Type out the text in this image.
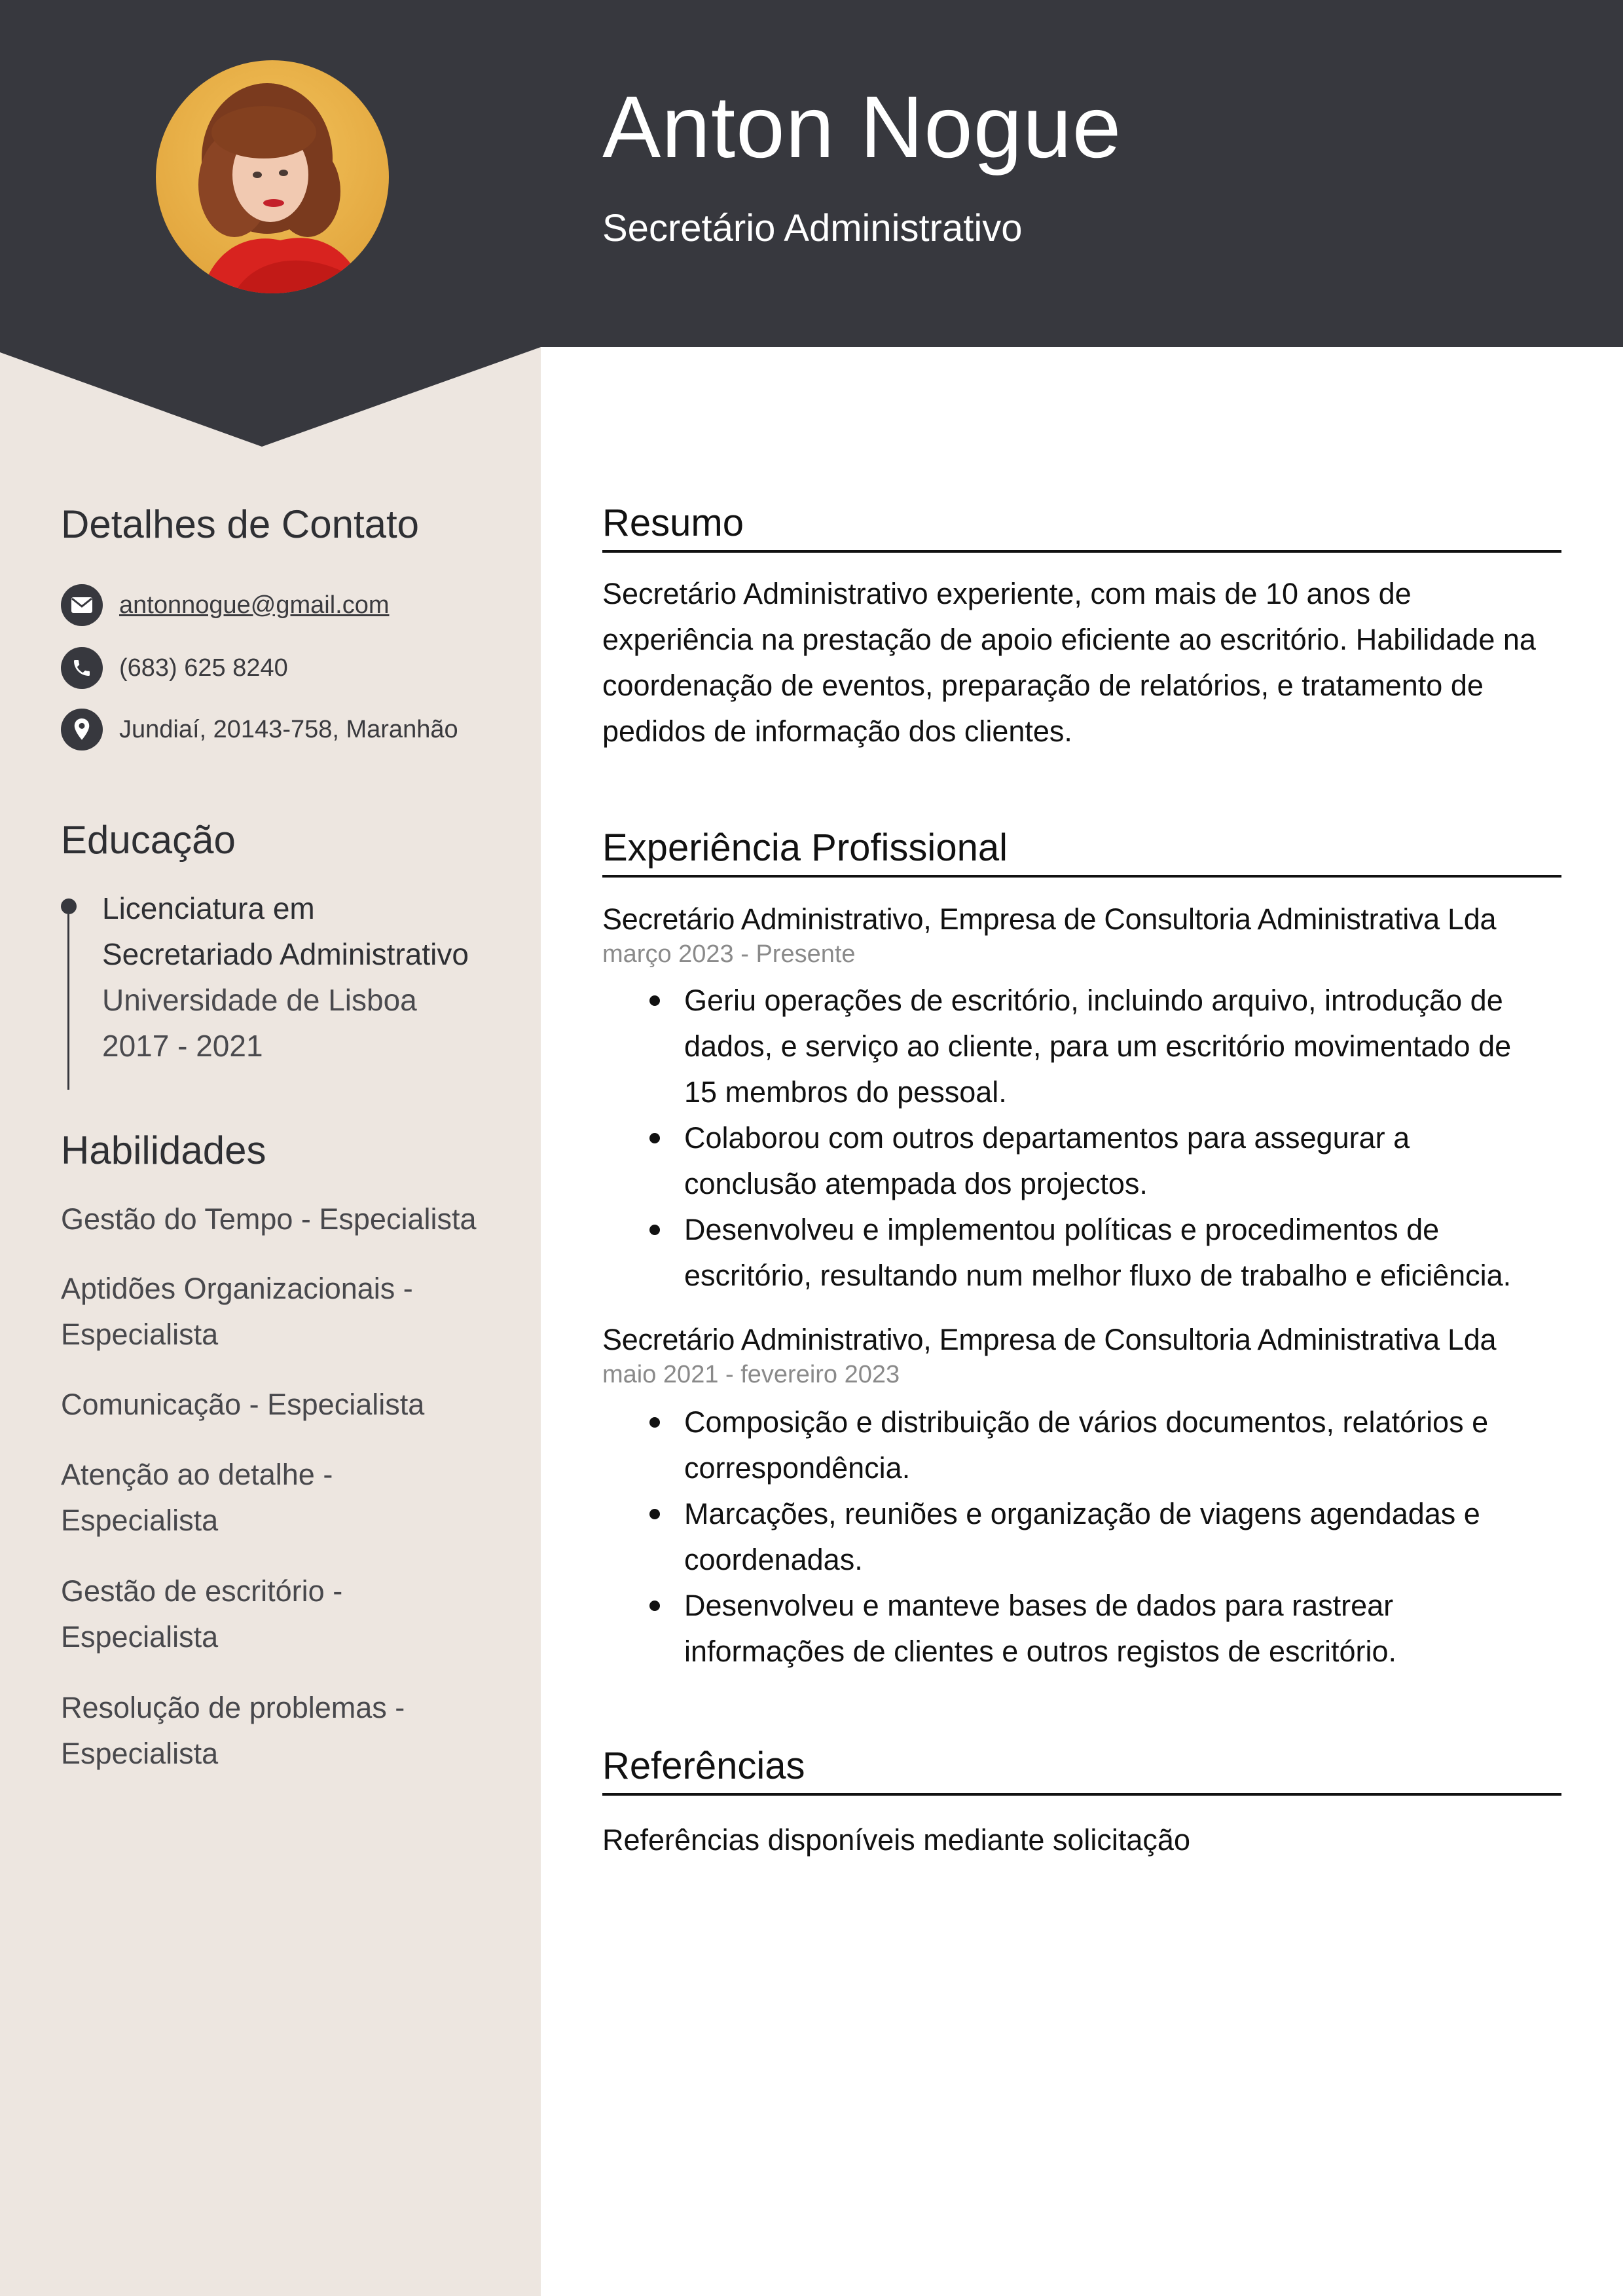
Anton Nogue
Secretário Administrativo
Detalhes de Contato
antonnogue@gmail.com
(683) 625 8240
Jundiaí, 20143-758, Maranhão
Educação
Licenciatura em
Secretariado Administrativo
Universidade de Lisboa
2017 - 2021
Habilidades
Gestão do Tempo - Especialista
Aptidões Organizacionais - Especialista
Comunicação - Especialista
Atenção ao detalhe - Especialista
Gestão de escritório - Especialista
Resolução de problemas - Especialista
Resumo
Secretário Administrativo experiente, com mais de 10 anos de experiência na prestação de apoio eficiente ao escritório. Habilidade na coordenação de eventos, preparação de relatórios, e tratamento de pedidos de informação dos clientes.
Experiência Profissional
Secretário Administrativo, Empresa de Consultoria Administrativa Lda
março 2023 - Presente
Geriu operações de escritório, incluindo arquivo, introdução de dados, e serviço ao cliente, para um escritório movimentado de 15 membros do pessoal.
Colaborou com outros departamentos para assegurar a conclusão atempada dos projectos.
Desenvolveu e implementou políticas e procedimentos de escritório, resultando num melhor fluxo de trabalho e eficiência.
Secretário Administrativo, Empresa de Consultoria Administrativa Lda
maio 2021 - fevereiro 2023
Composição e distribuição de vários documentos, relatórios e correspondência.
Marcações, reuniões e organização de viagens agendadas e coordenadas.
Desenvolveu e manteve bases de dados para rastrear informações de clientes e outros registos de escritório.
Referências
Referências disponíveis mediante solicitação
